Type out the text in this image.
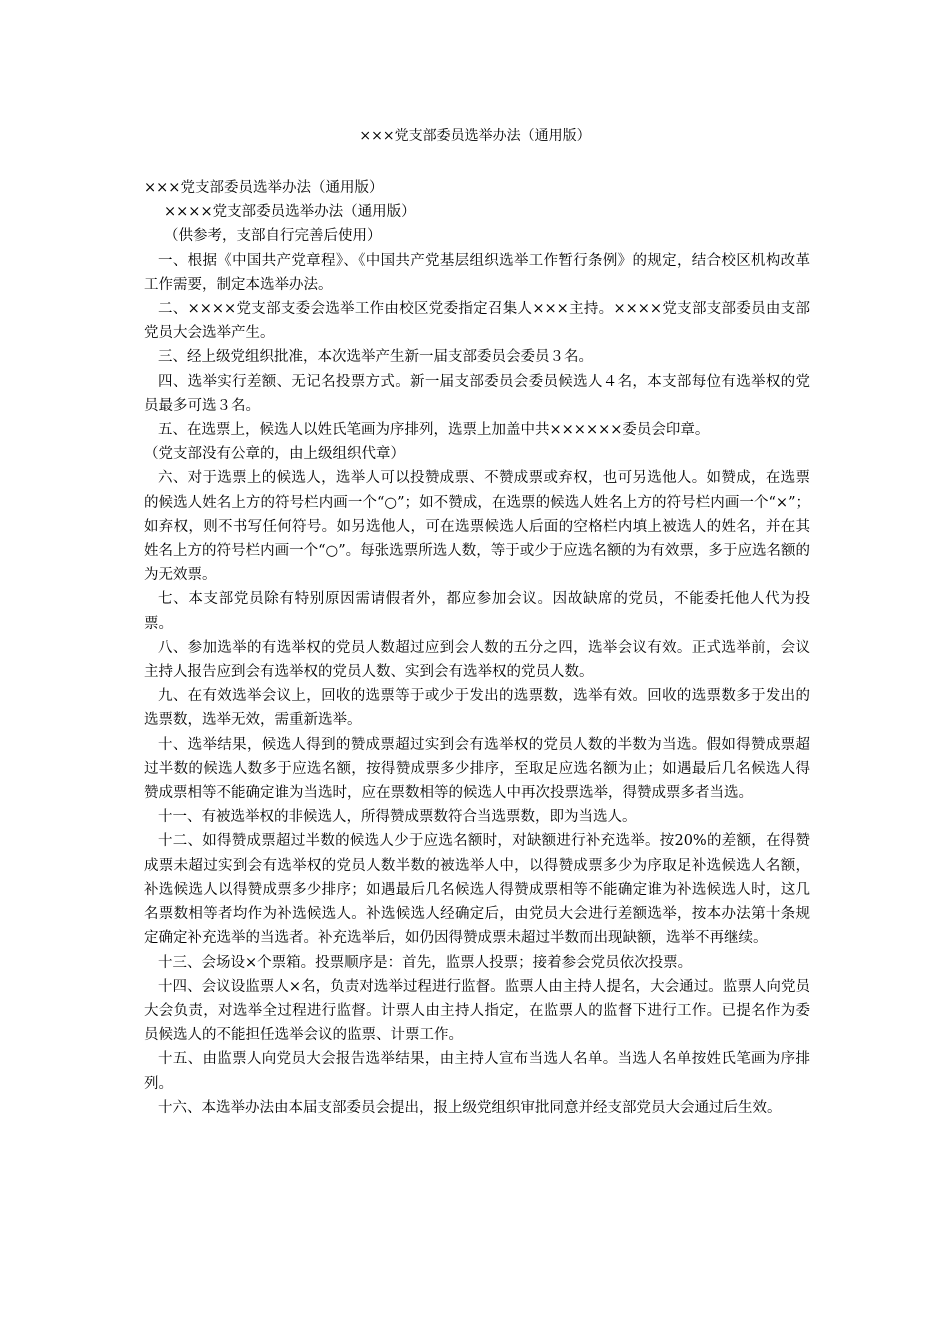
×××党支部委员选举办法（通用版）

×××党支部委员选举办法（通用版）

××××党支部委员选举办法（通用版）

（供参考，支部自行完善后使用）

一、根据《中国共产党章程》、《中国共产党基层组织选举工作暂行条例》的规定，结合校区机构改革工作需要，制定本选举办法。

二、××××党支部支委会选举工作由校区党委指定召集人×××主持。××××党支部支部委员由支部党员大会选举产生。

三、经上级党组织批准，本次选举产生新一届支部委员会委员３名。

四、选举实行差额、无记名投票方式。新一届支部委员会委员候选人４名，本支部每位有选举权的党员最多可选３名。

五、在选票上，候选人以姓氏笔画为序排列，选票上加盖中共××××××委员会印章。

（党支部没有公章的，由上级组织代章）

六、对于选票上的候选人，选举人可以投赞成票、不赞成票或弃权，也可另选他人。如赞成，在选票的候选人姓名上方的符号栏内画一个“○”；如不赞成，在选票的候选人姓名上方的符号栏内画一个“×”；如弃权，则不书写任何符号。如另选他人，可在选票候选人后面的空格栏内填上被选人的姓名，并在其姓名上方的符号栏内画一个“○”。每张选票所选人数，等于或少于应选名额的为有效票，多于应选名额的为无效票。

七、本支部党员除有特别原因需请假者外，都应参加会议。因故缺席的党员，不能委托他人代为投票。

八、参加选举的有选举权的党员人数超过应到会人数的五分之四，选举会议有效。正式选举前，会议主持人报告应到会有选举权的党员人数、实到会有选举权的党员人数。

九、在有效选举会议上，回收的选票等于或少于发出的选票数，选举有效。回收的选票数多于发出的选票数，选举无效，需重新选举。

十、选举结果，候选人得到的赞成票超过实到会有选举权的党员人数的半数为当选。假如得赞成票超过半数的候选人数多于应选名额，按得赞成票多少排序，至取足应选名额为止；如遇最后几名候选人得赞成票相等不能确定谁为当选时，应在票数相等的候选人中再次投票选举，得赞成票多者当选。

十一、有被选举权的非候选人，所得赞成票数符合当选票数，即为当选人。

十二、如得赞成票超过半数的候选人少于应选名额时，对缺额进行补充选举。按20%的差额，在得赞成票未超过实到会有选举权的党员人数半数的被选举人中，以得赞成票多少为序取足补选候选人名额，补选候选人以得赞成票多少排序；如遇最后几名候选人得赞成票相等不能确定谁为补选候选人时，这几名票数相等者均作为补选候选人。补选候选人经确定后，由党员大会进行差额选举，按本办法第十条规定确定补充选举的当选者。补充选举后，如仍因得赞成票未超过半数而出现缺额，选举不再继续。

十三、会场设×个票箱。投票顺序是：首先，监票人投票；接着参会党员依次投票。

十四、会议设监票人×名，负责对选举过程进行监督。监票人由主持人提名，大会通过。监票人向党员大会负责，对选举全过程进行监督。计票人由主持人指定，在监票人的监督下进行工作。已提名作为委员候选人的不能担任选举会议的监票、计票工作。

十五、由监票人向党员大会报告选举结果，由主持人宣布当选人名单。当选人名单按姓氏笔画为序排列。

十六、本选举办法由本届支部委员会提出，报上级党组织审批同意并经支部党员大会通过后生效。
